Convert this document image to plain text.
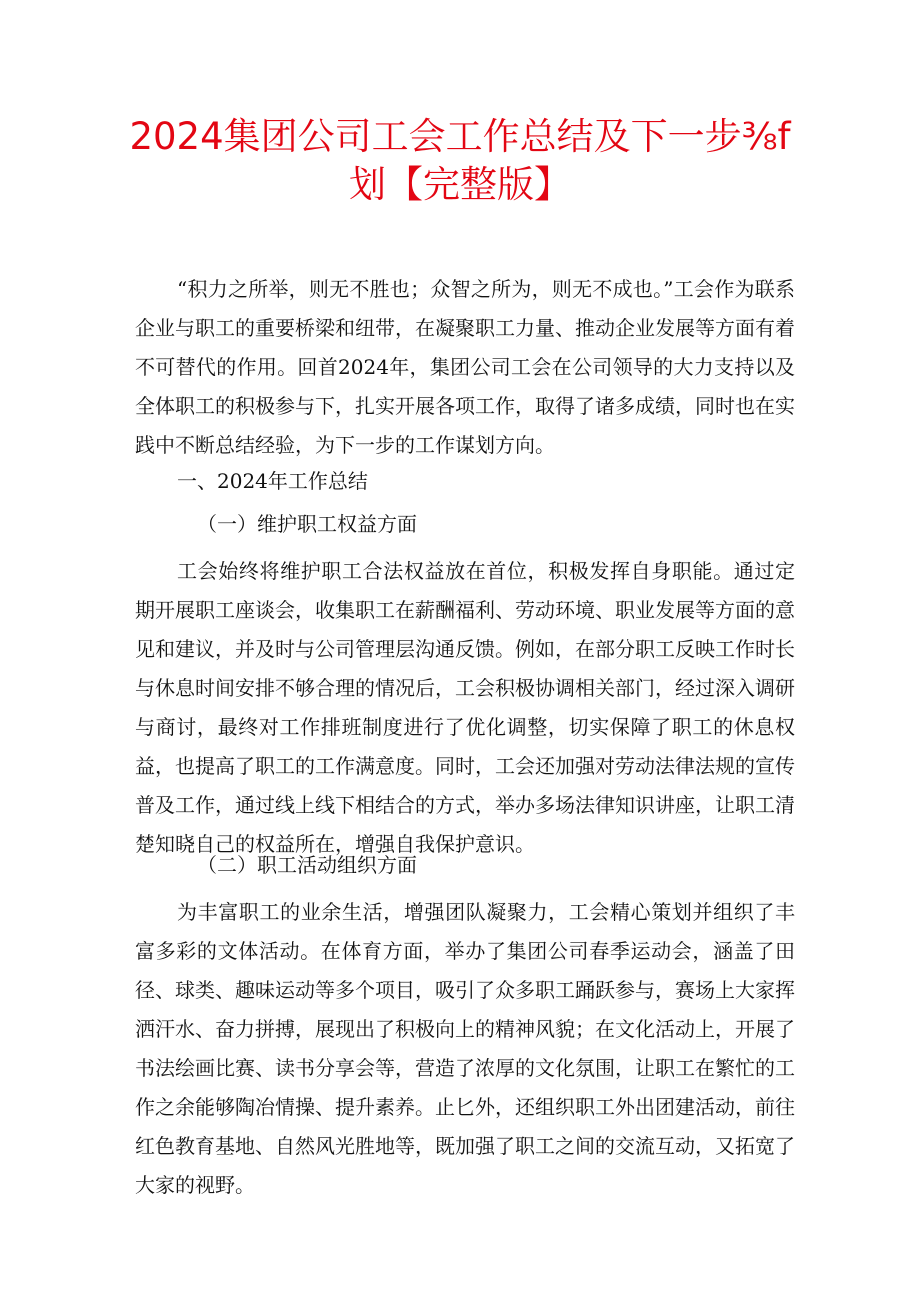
2024集团公司工会工作总结及下一步⅜f
划【完整版】

“积力之所举，则无不胜也；众智之所为，则无不成也。”工会作为联系企业与职工的重要桥梁和纽带，在凝聚职工力量、推动企业发展等方面有着不可替代的作用。回首2024年，集团公司工会在公司领导的大力支持以及全体职工的积极参与下，扎实开展各项工作，取得了诸多成绩，同时也在实践中不断总结经验，为下一步的工作谋划方向。

一、2024年工作总结

（一）维护职工权益方面

工会始终将维护职工合法权益放在首位，积极发挥自身职能。通过定期开展职工座谈会，收集职工在薪酬福利、劳动环境、职业发展等方面的意见和建议，并及时与公司管理层沟通反馈。例如，在部分职工反映工作时长与休息时间安排不够合理的情况后，工会积极协调相关部门，经过深入调研与商讨，最终对工作排班制度进行了优化调整，切实保障了职工的休息权益，也提高了职工的工作满意度。同时，工会还加强对劳动法律法规的宣传普及工作，通过线上线下相结合的方式，举办多场法律知识讲座，让职工清楚知晓自己的权益所在，增强自我保护意识。

（二）职工活动组织方面

为丰富职工的业余生活，增强团队凝聚力，工会精心策划并组织了丰富多彩的文体活动。在体育方面，举办了集团公司春季运动会，涵盖了田径、球类、趣味运动等多个项目，吸引了众多职工踊跃参与，赛场上大家挥洒汗水、奋力拼搏，展现出了积极向上的精神风貌；在文化活动上，开展了书法绘画比赛、读书分享会等，营造了浓厚的文化氛围，让职工在繁忙的工作之余能够陶冶情操、提升素养。止匕外，还组织职工外出团建活动，前往红色教育基地、自然风光胜地等，既加强了职工之间的交流互动，又拓宽了大家的视野。
